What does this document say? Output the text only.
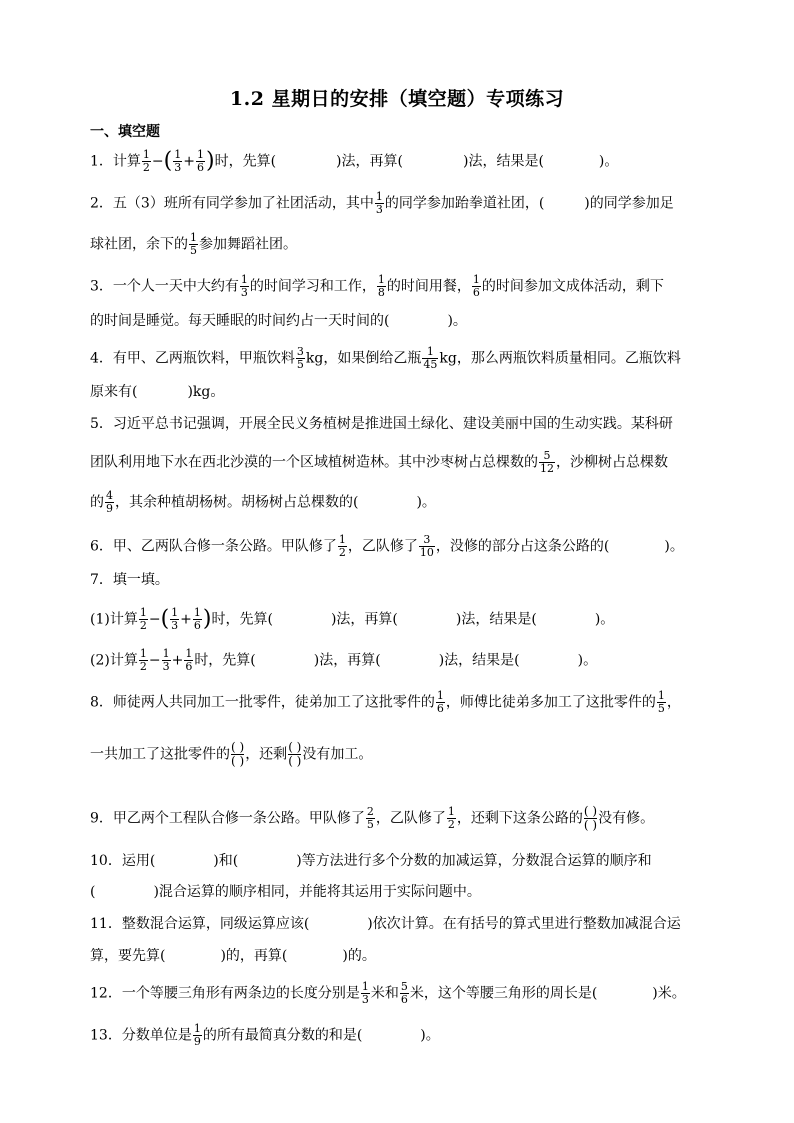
1.2 星期日的安排（填空题）专项练习
一、填空题
1．计算 $\frac{1}{2}$ −( $\frac{1}{3} + \frac{1}{6}$ )时，先算(	)法，再算(	)法，结果是(	)。
2．五（3）班所有同学参加了社团活动，其中 $\frac{1}{3}$ 的同学参加跆拳道社团，(	)的同学参加足
球社团，余下的 $\frac{1}{5}$ 参加舞蹈社团。
3．一个人一天中大约有 $\frac{1}{3}$ 的时间学习和工作， $\frac{1}{8}$ 的时间用餐， $\frac{1}{6}$ 的时间参加文成体活动，剩下
的时间是睡觉。每天睡眠的时间约占一天时间的(	)。
4．有甲、乙两瓶饮料，甲瓶饮料 $\frac{3}{5}$ kg，如果倒给乙瓶 $\frac{1}{45}$ kg，那么两瓶饮料质量相同。乙瓶饮料
原来有(	)kg。
5．习近平总书记强调，开展全民义务植树是推进国土绿化、建设美丽中国的生动实践。某科研
团队利用地下水在西北沙漠的一个区域植树造林。其中沙枣树占总棵数的 $\frac{5}{12}$ ，沙柳树占总棵数
的 $\frac{4}{9}$ ，其余种植胡杨树。胡杨树占总棵数的(	)。
6．甲、乙两队合修一条公路。甲队修了 $\frac{1}{2}$ ，乙队修了 $\frac{3}{10}$ ，没修的部分占这条公路的(	)。
7．填一填。
(1)计算 $\frac{1}{2}$ −( $\frac{1}{3} + \frac{1}{6}$ )时，先算(	)法，再算(	)法，结果是(	)。
(2)计算 $\frac{1}{2} - \frac{1}{3} + \frac{1}{6}$ 时，先算(	)法，再算(	)法，结果是(	)。
8．师徒两人共同加工一批零件，徒弟加工了这批零件的 $\frac{1}{6}$ ，师傅比徒弟多加工了这批零件的 $\frac{1}{5}$ ，
一共加工了这批零件的 ( )
( ) ，还剩 ( )
( ) 没有加工。
9．甲乙两个工程队合修一条公路。甲队修了 $\frac{2}{5}$ ，乙队修了 $\frac{1}{2}$ ，还剩下这条公路的 ( )
( ) 没有修。
10．运用(	)和(	)等方法进行多个分数的加减运算，分数混合运算的顺序和
(	)混合运算的顺序相同，并能将其运用于实际问题中。
11．整数混合运算，同级运算应该(	)依次计算。在有括号的算式里进行整数加减混合运
算，要先算(	)的，再算(	)的。
12．一个等腰三角形有两条边的长度分别是 $\frac{1}{3}$ 米和 $\frac{5}{6}$ 米，这个等腰三角形的周长是(	)米。
13．分数单位是 $\frac{1}{9}$ 的所有最简真分数的和是(	)。
